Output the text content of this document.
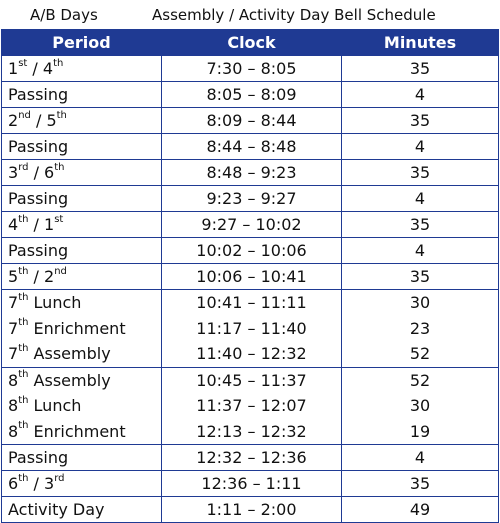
A/B Days	Assembly / Activity Day Bell Schedule
Period	Clock	Minutes
1st / 4th	7:30 – 8:05	35
Passing	8:05 – 8:09	4
2nd / 5th	8:09 – 8:44	35
Passing	8:44 – 8:48	4
3rd / 6th	8:48 – 9:23	35
Passing	9:23 – 9:27	4
4th / 1st	9:27 – 10:02	35
Passing	10:02 – 10:06	4
5th / 2nd	10:06 – 10:41	35
7th Lunch	10:41 – 11:11	30
7th Enrichment	11:17 – 11:40	23
7th Assembly	11:40 – 12:32	52
8th Assembly	10:45 – 11:37	52
8th Lunch	11:37 – 12:07	30
8th Enrichment	12:13 – 12:32	19
Passing	12:32 – 12:36	4
6th / 3rd	12:36 – 1:11	35
Activity Day	1:11 – 2:00	49
